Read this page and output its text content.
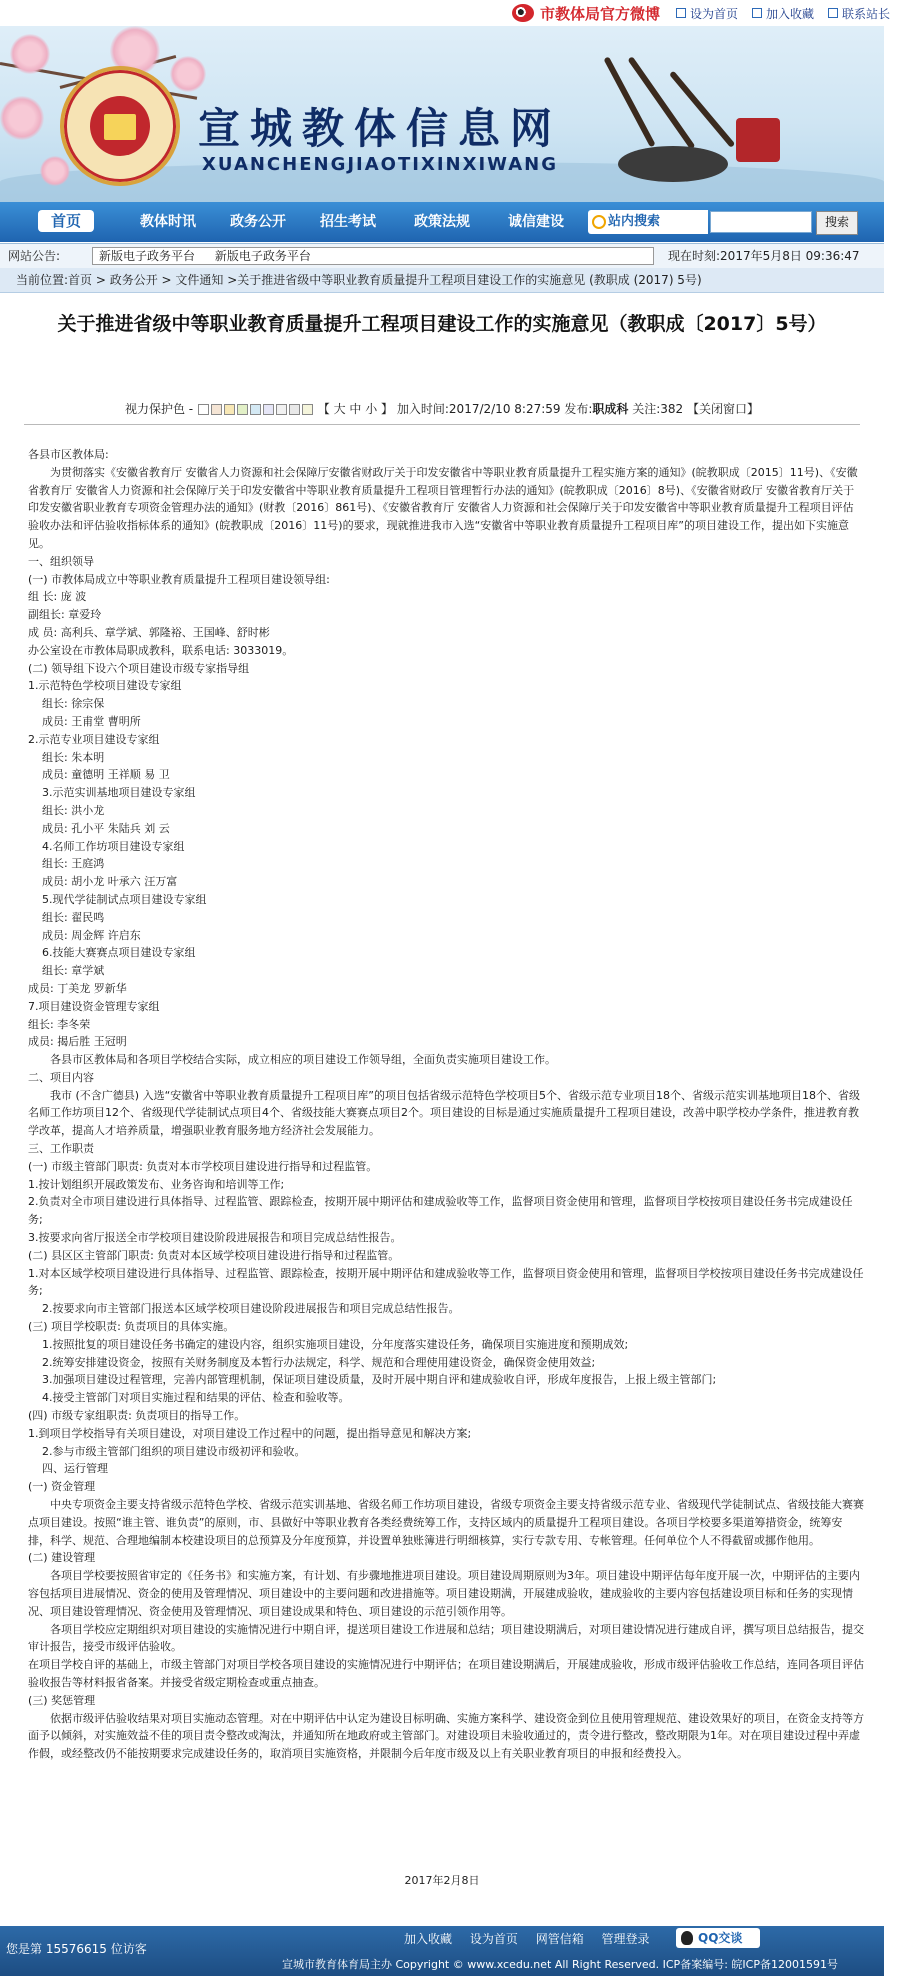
市教体局官方微博 设为首页 加入收藏 联系站长
宣城教体信息网
XUANCHENGJIAOTIXINXIWANG
首页	教体时讯 政务公开 招生考试	政策法规	诚信建设	站内搜索	搜索
网站公告:	新版电子政务平台 新版电子政务平台	现在时刻:2017年5月8日 09:36:47
当前位置:首页 > 政务公开 > 文件通知 >关于推进省级中等职业教育质量提升工程项目建设工作的实施意见 (教职成 (2017) 5号)
关于推进省级中等职业教育质量提升工程项目建设工作的实施意见（教职成〔2017〕5号）
视力保护色 -	【 大 中 小 】 加入时间:2017/2/10 8:27:59 发布:职成科 关注:382 【关闭窗口】

各县市区教体局:

为贯彻落实《安徽省教育厅 安徽省人力资源和社会保障厅安徽省财政厅关于印发安徽省中等职业教育质量提升工程实施方案的通知》(皖教职成〔2015〕11号)、《安徽省教育厅 安徽省人力资源和社会保障厅关于印发安徽省中等职业教育质量提升工程项目管理暂行办法的通知》(皖教职成〔2016〕8号)、《安徽省财政厅 安徽省教育厅关于印发安徽省职业教育专项资金管理办法的通知》(财教〔2016〕861号)、《安徽省教育厅 安徽省人力资源和社会保障厅关于印发安徽省中等职业教育质量提升工程项目评估验收办法和评估验收指标体系的通知》(皖教职成〔2016〕11号)的要求，现就推进我市入选“安徽省中等职业教育质量提升工程项目库”的项目建设工作，提出如下实施意见。

一、组织领导

(一) 市教体局成立中等职业教育质量提升工程项目建设领导组:

组 长: 庞 波

副组长: 章爱玲

成 员: 高利兵、章学斌、郭隆裕、王国峰、舒时彬

办公室设在市教体局职成教科，联系电话: 3033019。

(二) 领导组下设六个项目建设市级专家指导组

1.示范特色学校项目建设专家组

组长: 徐宗保

成员: 王甫堂 曹明所

2.示范专业项目建设专家组

组长: 朱本明

成员: 童德明 王祥顺 易 卫

3.示范实训基地项目建设专家组

组长: 洪小龙

成员: 孔小平 朱陆兵 刘 云

4.名师工作坊项目建设专家组

组长: 王庭鸿

成员: 胡小龙 叶承六 汪万富

5.现代学徒制试点项目建设专家组

组长: 翟民鸣

成员: 周金辉 许启东

6.技能大赛赛点项目建设专家组

组长: 章学斌

成员: 丁美龙 罗新华

7.项目建设资金管理专家组

组长: 李冬荣

成员: 揭后胜 王冠明

各县市区教体局和各项目学校结合实际，成立相应的项目建设工作领导组，全面负责实施项目建设工作。

二、项目内容

我市 (不含广德县) 入选“安徽省中等职业教育质量提升工程项目库”的项目包括省级示范特色学校项目5个、省级示范专业项目18个、省级示范实训基地项目18个、省级名师工作坊项目12个、省级现代学徒制试点项目4个、省级技能大赛赛点项目2个。项目建设的目标是通过实施质量提升工程项目建设，改善中职学校办学条件，推进教育教学改革，提高人才培养质量，增强职业教育服务地方经济社会发展能力。

三、工作职责

(一) 市级主管部门职责: 负责对本市学校项目建设进行指导和过程监管。

1.按计划组织开展政策发布、业务咨询和培训等工作;

2.负责对全市项目建设进行具体指导、过程监管、跟踪检查，按期开展中期评估和建成验收等工作，监督项目资金使用和管理，监督项目学校按项目建设任务书完成建设任务;

3.按要求向省厅报送全市学校项目建设阶段进展报告和项目完成总结性报告。

(二) 县区区主管部门职责: 负责对本区域学校项目建设进行指导和过程监管。

1.对本区域学校项目建设进行具体指导、过程监管、跟踪检查，按期开展中期评估和建成验收等工作，监督项目资金使用和管理，监督项目学校按项目建设任务书完成建设任务;

2.按要求向市主管部门报送本区域学校项目建设阶段进展报告和项目完成总结性报告。

(三) 项目学校职责: 负责项目的具体实施。

1.按照批复的项目建设任务书确定的建设内容，组织实施项目建设，分年度落实建设任务，确保项目实施进度和预期成效;

2.统筹安排建设资金，按照有关财务制度及本暂行办法规定，科学、规范和合理使用建设资金，确保资金使用效益;

3.加强项目建设过程管理，完善内部管理机制，保证项目建设质量，及时开展中期自评和建成验收自评，形成年度报告，上报上级主管部门;

4.接受主管部门对项目实施过程和结果的评估、检查和验收等。

(四) 市级专家组职责: 负责项目的指导工作。

1.到项目学校指导有关项目建设，对项目建设工作过程中的问题，提出指导意见和解决方案;

2.参与市级主管部门组织的项目建设市级初评和验收。

四、运行管理

(一) 资金管理

中央专项资金主要支持省级示范特色学校、省级示范实训基地、省级名师工作坊项目建设，省级专项资金主要支持省级示范专业、省级现代学徒制试点、省级技能大赛赛点项目建设。按照“谁主管、谁负责”的原则，市、县做好中等职业教育各类经费统筹工作，支持区域内的质量提升工程项目建设。各项目学校要多渠道筹措资金，统筹安排，科学、规范、合理地编制本校建设项目的总预算及分年度预算，并设置单独账簿进行明细核算，实行专款专用、专帐管理。任何单位个人不得截留或挪作他用。

(二) 建设管理

各项目学校要按照省审定的《任务书》和实施方案，有计划、有步骤地推进项目建设。项目建设周期原则为3年。项目建设中期评估每年度开展一次，中期评估的主要内容包括项目进展情况、资金的使用及管理情况、项目建设中的主要问题和改进措施等。项目建设期满，开展建成验收，建成验收的主要内容包括建设项目标和任务的实现情况、项目建设管理情况、资金使用及管理情况、项目建设成果和特色、项目建设的示范引领作用等。

各项目学校应定期组织对项目建设的实施情况进行中期自评，提送项目建设工作进展和总结；项目建设期满后，对项目建设情况进行建成自评，撰写项目总结报告，提交审计报告，接受市级评估验收。

在项目学校自评的基础上，市级主管部门对项目学校各项目建设的实施情况进行中期评估；在项目建设期满后，开展建成验收，形成市级评估验收工作总结，连同各项目评估验收报告等材料报省备案。并接受省级定期检查或重点抽查。

(三) 奖惩管理

依据市级评估验收结果对项目实施动态管理。对在中期评估中认定为建设目标明确、实施方案科学、建设资金到位且使用管理规范、建设效果好的项目，在资金支持等方面予以倾斜，对实施效益不佳的项目责令整改或淘汰，并通知所在地政府或主管部门。对建设项目未验收通过的，责令进行整改，整改期限为1年。对在项目建设过程中弄虚作假，或经整改仍不能按期要求完成建设任务的，取消项目实施资格，并限制今后年度市级及以上有关职业教育项目的申报和经费投入。

2017年2月8日
您是第 15576615 位访客
加入收藏 设为首页 网管信箱 管理登录	QQ交谈
宣城市教育体育局主办 Copyright © www.xcedu.net All Right Reserved. ICP备案编号: 皖ICP备12001591号
